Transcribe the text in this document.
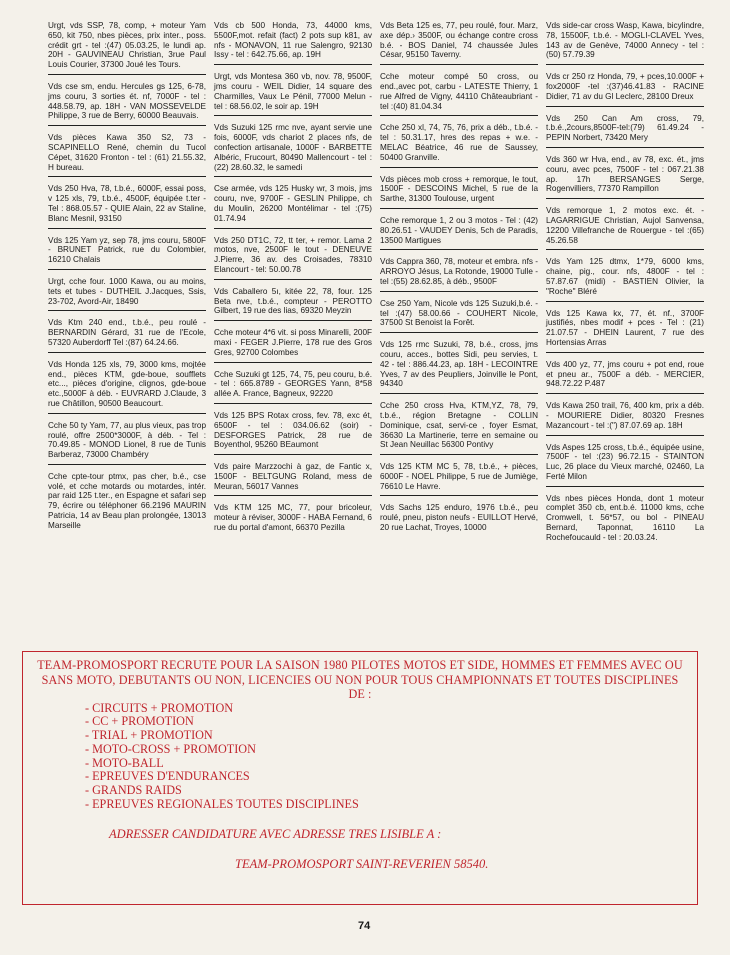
Urgt, vds SSP, 78, comp, + moteur Yam 650, kit 750, nbes pièces, prix inter., poss. crédit grt - tel :(47) 05.03.25, le lundi ap. 20H - GAUVINEAU Christian, 3rue Paul Louis Courier, 37300 Joué les Tours.
Vds cse sm, endu. Hercules gs 125, 6-78, jms couru, 3 sorties ét. nf, 7000F - tel : 448.58.79, ap. 18H - VAN MOSSEVELDE Philippe, 3 rue de Berry, 60000 Beauvais.
Vds pièces Kawa 350 S2, 73 - SCAPINELLO René, chemin du Tucol Cépet, 31620 Fronton - tel : (61) 21.55.32, H bureau.
Vds 250 Hva, 78, t.b.é., 6000F, essai poss, v 125 xls, 79, t.b.é., 4500F, équipée t.ter - Tel : 868.05.57 - QUIE Alain, 22 av Staline, Blanc Mesnil, 93150
Vds 125 Yam yz, sep 78, jms couru, 5800F - BRUNET Patrick, rue du Colombier, 16210 Chalais
Urgt, cche four. 1000 Kawa, ou au moins, tets et tubes - DUTHEIL J.Jacques, Ssis, 23-702, Avord-Air, 18490
Vds Ktm 240 end., t.b.é., peu roulé - BERNARDIN Gérard, 31 rue de l'Ecole, 57320 Auberdorff Tel :(87) 64.24.66.
Vds Honda 125 xls, 79, 3000 kms, mojtée end., pièces KTM, gde-boue, soufflets etc..., pièces d'origine, clignos, gde-boue etc.,5000F à déb. - EUVRARD J.Claude, 3 rue Châtillon, 90500 Beaucourt.
Cche 50 ty Yam, 77, au plus vieux, pas trop roulé, offre 2500*3000F, à déb. - Tel : 70.49.85 - MONOD Lionel, 8 rue de Tunis Barberaz, 73000 Chambéry
Cche cpte-tour ptmx, pas cher, b.é., cse volé, et cche motards ou motardes, intér. par raid 125 t.ter., en Espagne et safari sep 79, écrire ou téléphoner 66.2196 MAURIN Patricia, 14 av Beau plan prolongée, 13013 Marseille
Vds cb 500 Honda, 73, 44000 kms, 5500F,mot. refait (fact) 2 pots sup k81, av nfs - MONAVON, 11 rue Salengro, 92130 Issy - tel : 642.75.66, ap. 19H
Urgt, vds Montesa 360 vb, nov. 78, 9500F, jms couru - WEIL Didier, 14 square des Charmilles, Vaux Le Pénil, 77000 Melun - tel : 68.56.02, le soir ap. 19H
Vds Suzuki 125 rmc nve, ayant servie une fois, 6000F, vds chariot 2 places nfs, de confection artisanale, 1000F - BARBETTE Albéric, Frucourt, 80490 Mallencourt - tel : (22) 28.60.32, le samedi
Cse armée, vds 125 Husky wr, 3 mois, jms couru, nve, 9700F - GESLIN Philippe, ch du Moulin, 26200 Montélimar - tel :(75) 01.74.94
Vds 250 DT1C, 72, tt ter, + remor. Lama 2 motos, nve, 2500F le tout - DENEUVE J.Pierre, 36 av. des Croisades, 78310 Elancourt - tel: 50.00.78
Vds Caballero 5ı, kitée 22, 78, four. 125 Beta nve, t.b.é., compteur - PEROTTO Gilbert, 19 rue des lias, 69320 Meyzin
Cche moteur 4*6 vit. si poss Minarelli, 200F maxi - FEGER J.Pierre, 178 rue des Gros Gres, 92700 Colombes
Cche Suzuki gt 125, 74, 75, peu couru, b.é. - tel : 665.8789 - GEORGES Yann, 8*58 allée A. France, Bagneux, 92220
Vds 125 BPS Rotax cross, fev. 78, exc ét, 6500F - tel : 034.06.62 (soir) - DESFORGES Patrick, 28 rue de Boyenthol, 95260 BEaumont
Vds paire Marzzochi à gaz, de Fantic x, 1500F - BELTGUNG Roland, mess de Meuran, 56017 Vannes
Vds KTM 125 MC, 77, pour bricoleur, moteur à réviser, 3000F - HABA Fernand, 6 rue du portal d'amont, 66370 Pezilla
Vds Beta 125 es, 77, peu roulé, four. Marz, axe dép.› 3500F, ou échange contre cross b.é. - BOS Daniel, 74 chaussée Jules César, 95150 Taverny.
Cche moteur compé 50 cross, ou end.,avec pot, carbu - LATESTE Thierry, 1 rue Alfred de Vigny, 44110 Châteaubriant - tel :(40) 81.04.34
Cche 250 xl, 74, 75, 76, prix a déb., t.b.é. - tel : 50.31.17, hres des repas + w.e. - MELAC Béatrice, 46 rue de Saussey, 50400 Granville.
Vds pièces mob cross + remorque, le tout, 1500F - DESCOINS Michel, 5 rue de la Sarthe, 31300 Toulouse, urgent
Cche remorque 1, 2 ou 3 motos - Tel : (42) 80.26.51 - VAUDEY Denis, 5ch de Paradis, 13500 Martigues
Vds Cappra 360, 78, moteur et embra. nfs -ARROYO Jésus, La Rotonde, 19000 Tulle - tel :(55) 28.62.85, à déb., 9500F
Cse 250 Yam, Nicole vds 125 Suzuki,b.é. - tel :(47) 58.00.66 - COUHERT Nicole, 37500 St Benoist la Forêt.
Vds 125 rmc Suzuki, 78, b.é., cross, jms couru, acces., bottes Sidi, peu servies, t. 42 - tel : 886.44.23, ap. 18H - LECOINTRE Yves, 7 av des Peupliers, Joinville le Pont, 94340
Cche 250 cross Hva, KTM,YZ, 78, 79, t.b.é., région Bretagne - COLLIN Dominique, csat, servi-ce , foyer Esmat, 36630 La Martinerie, terre en semaine ou St Jean Neuillac 56300 Pontivy
Vds 125 KTM MC 5, 78, t.b.é., + pièces, 6000F - NOEL Philippe, 5 rue de Jumiège, 76610 Le Havre.
Vds Sachs 125 enduro, 1976 t.b.é., peu roulé, pneu, piston neufs - EUILLOT Hervé, 20 rue Lachat, Troyes, 10000
Vds side-car cross Wasp, Kawa, bicylindre, 78, 15500F, t.b.é. - MOGLI-CLAVEL Yves, 143 av de Genève, 74000 Annecy - tel : (50) 57.79.39
Vds cr 250 rz Honda, 79, + pces,10.000F + fox2000F -tel :(37)46.41.83 - RACINE Didier, 71 av du Gl Leclerc, 28100 Dreux
Vds 250 Can Am cross, 79, t.b.é.,2cours,8500F-tel:(79) 61.49.24 - PEPIN Norbert, 73420 Mery
Vds 360 wr Hva, end., av 78, exc. ét., jms couru, avec pces, 7500F - tel : 067.21.38 ap. 17h BERSANGES Serge, Rogenvilliers, 77370 Rampillon
Vds remorque 1, 2 motos exc. ét. - LAGARRIGUE Christian, Aujol Sanvensa, 12200 Villefranche de Rouergue - tel :(65) 45.26.58
Vds Yam 125 dtmx, 1*79, 6000 kms, chaine, pig., cour. nfs, 4800F - tel : 57.87.67 (midi) - BASTIEN Olivier, la "Roche" Bléré
Vds 125 Kawa kx, 77, ét. nf., 3700F justifiés, nbes modif + pces - Tel : (21) 21.07.57 - DHEIN Laurent, 7 rue des Hortensias Arras
Vds 400 yz, 77, jms couru + pot end, roue et pneu ar., 7500F a déb. - MERCIER, 948.72.22 P.487
Vds Kawa 250 trail, 76, 400 km, prix a déb. - MOURIERE Didier, 80320 Fresnes Mazancourt - tel :(") 87.07.69 ap. 18H
Vds Aspes 125 cross, t.b.é., équipée usine, 7500F - tel :(23) 96.72.15 - STAINTON Luc, 26 place du Vieux marché, 02460, La Ferté Milon
Vds nbes pièces Honda, dont 1 moteur complet 350 cb, ent.b.é. 11000 kms, cche Cromwell, t. 56*57, ou bol - PINEAU Bernard, Taponnat, 16110 La Rochefoucauld - tel : 20.03.24.

TEAM-PROMOSPORT RECRUTE POUR LA SAISON 1980 PILOTES MOTOS ET SIDE, HOMMES ET FEMMES AVEC OU SANS MOTO, DEBUTANTS OU NON, LICENCIES OU NON POUR TOUS CHAMPIONNATS ET TOUTES DISCIPLINES DE :

- CIRCUITS + PROMOTION
- CC + PROMOTION
- TRIAL + PROMOTION
- MOTO-CROSS + PROMOTION
- MOTO-BALL
- EPREUVES D'ENDURANCES
- GRANDS RAIDS
- EPREUVES REGIONALES TOUTES DISCIPLINES
ADRESSER CANDIDATURE AVEC ADRESSE TRES LISIBLE A :
TEAM-PROMOSPORT SAINT-REVERIEN 58540.
74
